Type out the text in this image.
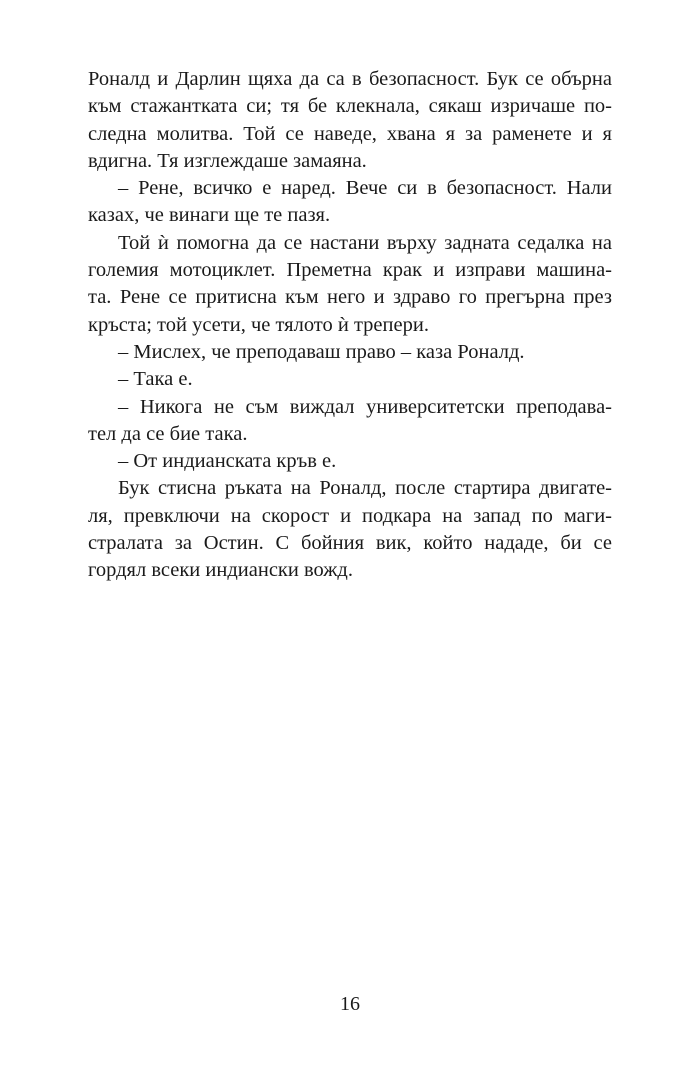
Роналд и Дарлин щяха да са в безопасност. Бук се обърна
към стажантката си; тя бе клекнала, сякаш изричаше по-
следна молитва. Той се наведе, хвана я за раменете и я
вдигна. Тя изглеждаше замаяна.
– Рене, всичко е наред. Вече си в безопасност. Нали
казах, че винаги ще те пазя.
Той ѝ помогна да се настани върху задната седалка на
големия мотоциклет. Преметна крак и изправи машина-
та. Рене се притисна към него и здраво го прегърна през
кръста; той усети, че тялото ѝ трепери.
– Мислех, че преподаваш право – каза Роналд.
– Така е.
– Никога не съм виждал университетски преподава-
тел да се бие така.
– От индианската кръв е.
Бук стисна ръката на Роналд, после стартира двигате-
ля, превключи на скорост и подкара на запад по маги-
стралата за Остин. С бойния вик, който нададе, би се
гордял всеки индиански вожд.
16
